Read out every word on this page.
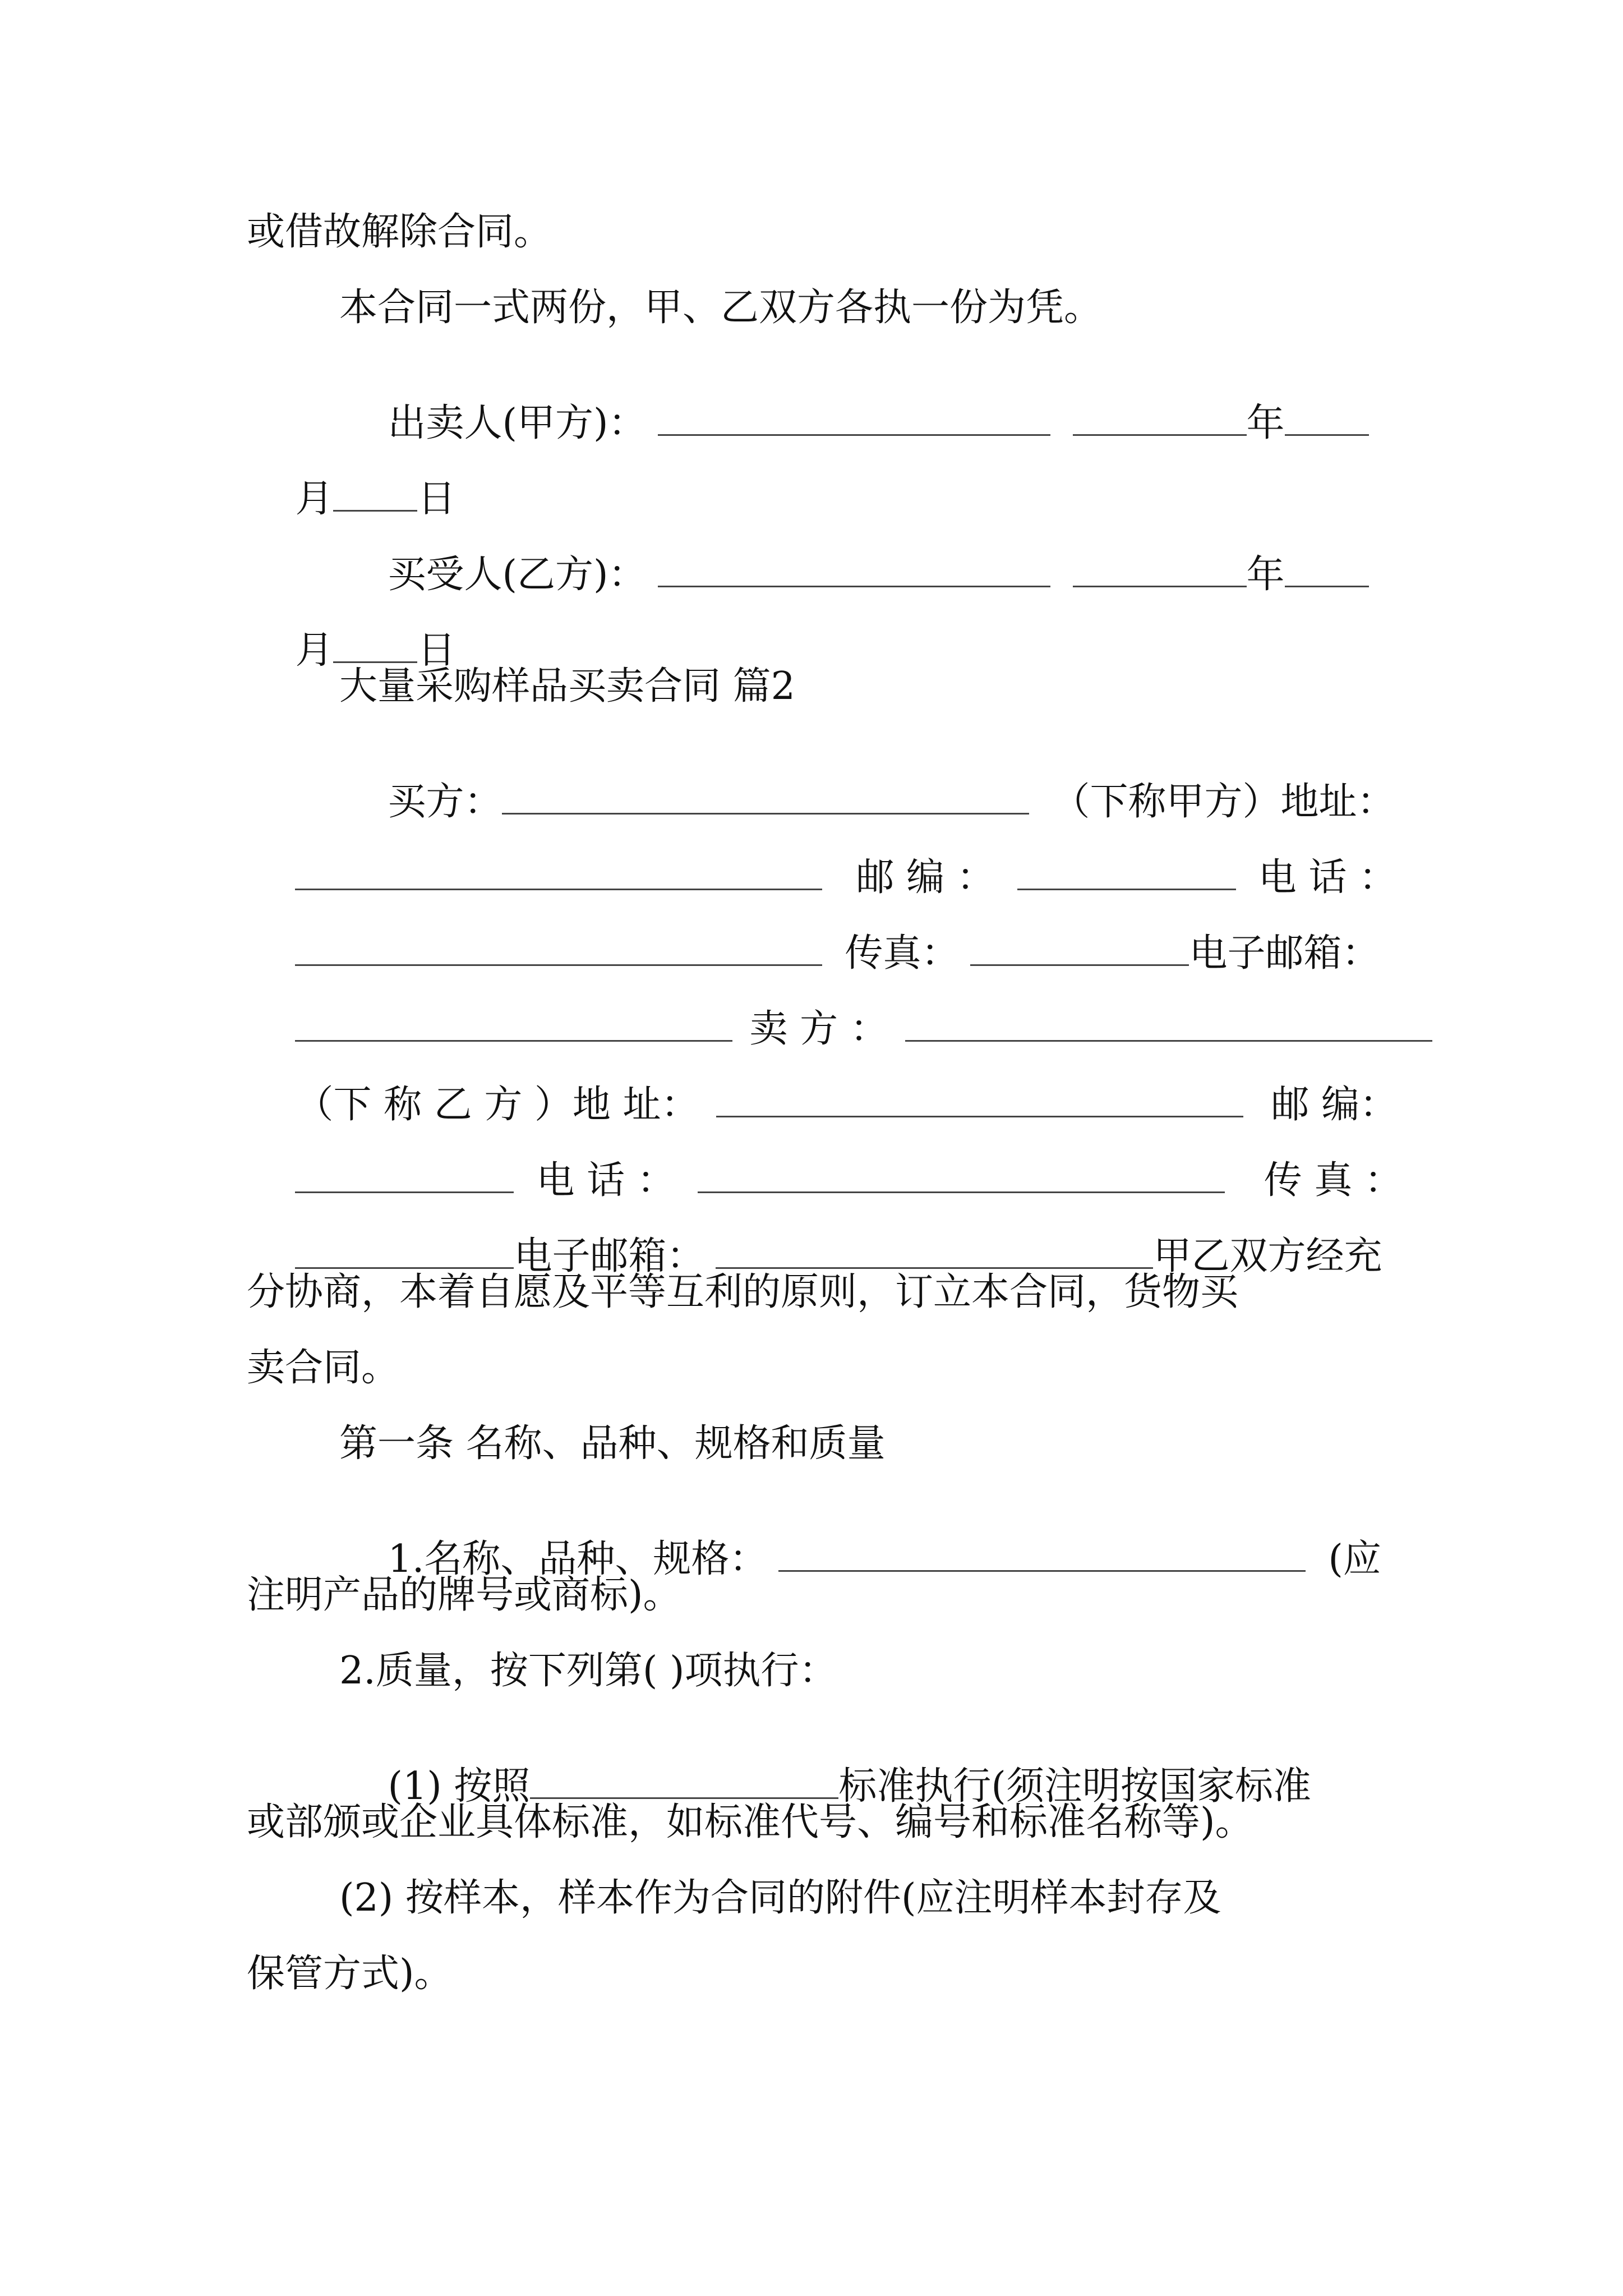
或借故解除合同。
本合同一式两份，甲、乙双方各执一份为凭。

出卖人(甲方)：	年

月 日

买受人(乙方)：	年

月 日

大量采购样品买卖合同 篇2

买方：	（下称甲方）地址：

邮 编 ：	电 话 ：

传真：	电子邮箱：

卖 方 ：

（下 称 乙 方 ）地 址：	邮 编：

电 话 ：	传 真 ：

电子邮箱：	甲乙双方经充

分协商，本着自愿及平等互利的原则，订立本合同，货物买
卖合同。
第一条 名称、品种、规格和质量

1.名称、品种、规格：	(应

注明产品的牌号或商标)。
2.质量，按下列第( )项执行：

(1) 按照	标准执行(须注明按国家标准

或部颁或企业具体标准，如标准代号、编号和标准名称等)。
(2) 按样本，样本作为合同的附件(应注明样本封存及
保管方式)。
